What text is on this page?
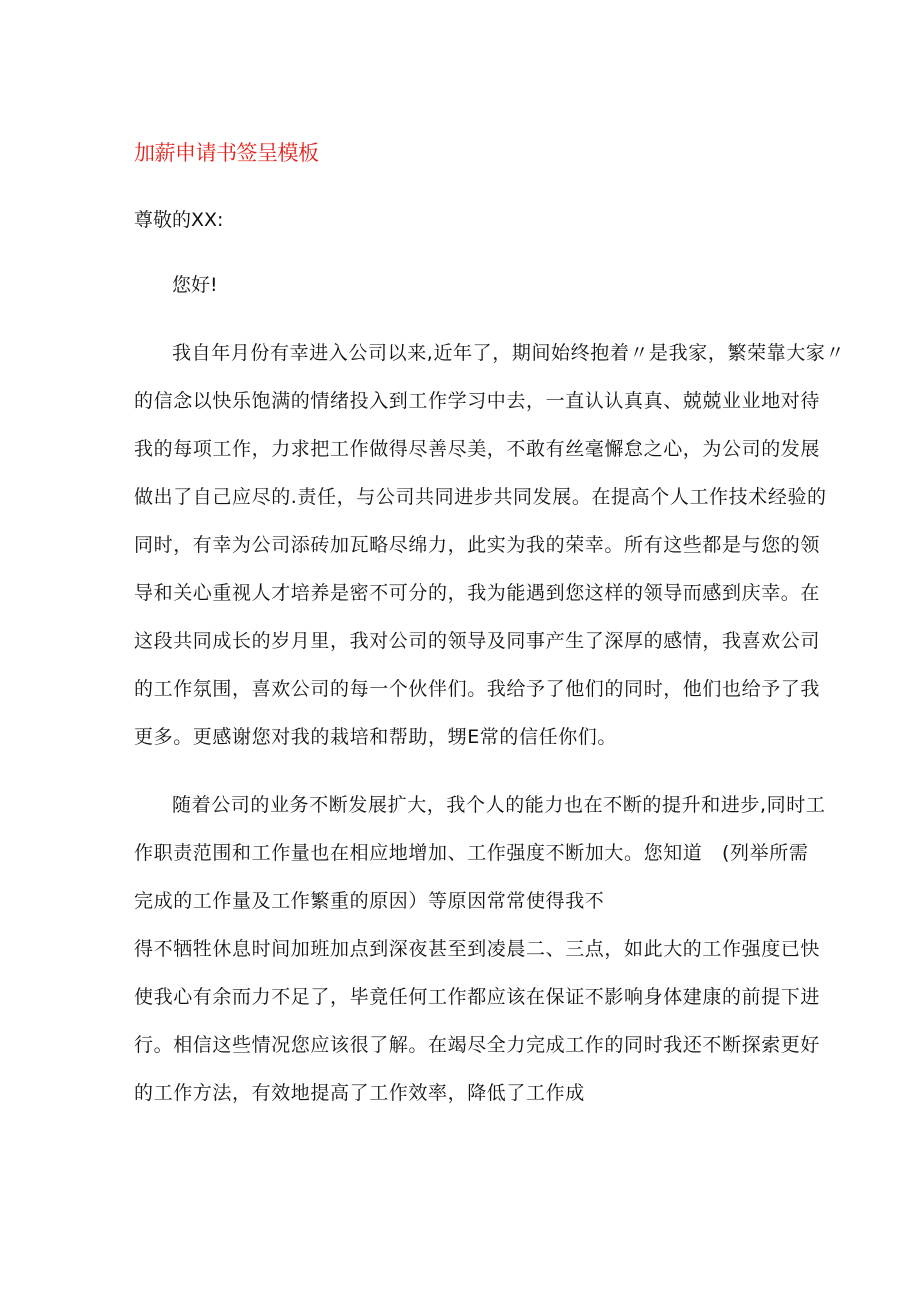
加薪申请书签呈模板
尊敬的XX:
您好!
我自年月份有幸进入公司以来,近年了，期间始终抱着〃是我家，繁荣靠大家〃
的信念以快乐饱满的情绪投入到工作学习中去，一直认认真真、兢兢业业地对待
我的每项工作，力求把工作做得尽善尽美，不敢有丝毫懈怠之心，为公司的发展
做出了自己应尽的.责任，与公司共同进步共同发展。在提高个人工作技术经验的
同时，有幸为公司添砖加瓦略尽绵力，此实为我的荣幸。所有这些都是与您的领
导和关心重视人才培养是密不可分的，我为能遇到您这样的领导而感到庆幸。在
这段共同成长的岁月里，我对公司的领导及同事产生了深厚的感情，我喜欢公司
的工作氛围，喜欢公司的每一个伙伴们。我给予了他们的同时，他们也给予了我
更多。更感谢您对我的栽培和帮助，甥E常的信任你们。
随着公司的业务不断发展扩大，我个人的能力也在不断的提升和进步,同时工
作职责范围和工作量也在相应地增加、工作强度不断加大。您知道　(列举所需
完成的工作量及工作繁重的原因）等原因常常使得我不
得不牺牲休息时间加班加点到深夜甚至到凌晨二、三点，如此大的工作强度已快
使我心有余而力不足了，毕竟任何工作都应该在保证不影响身体建康的前提下进
行。相信这些情况您应该很了解。在竭尽全力完成工作的同时我还不断探索更好
的工作方法，有效地提高了工作效率，降低了工作成
